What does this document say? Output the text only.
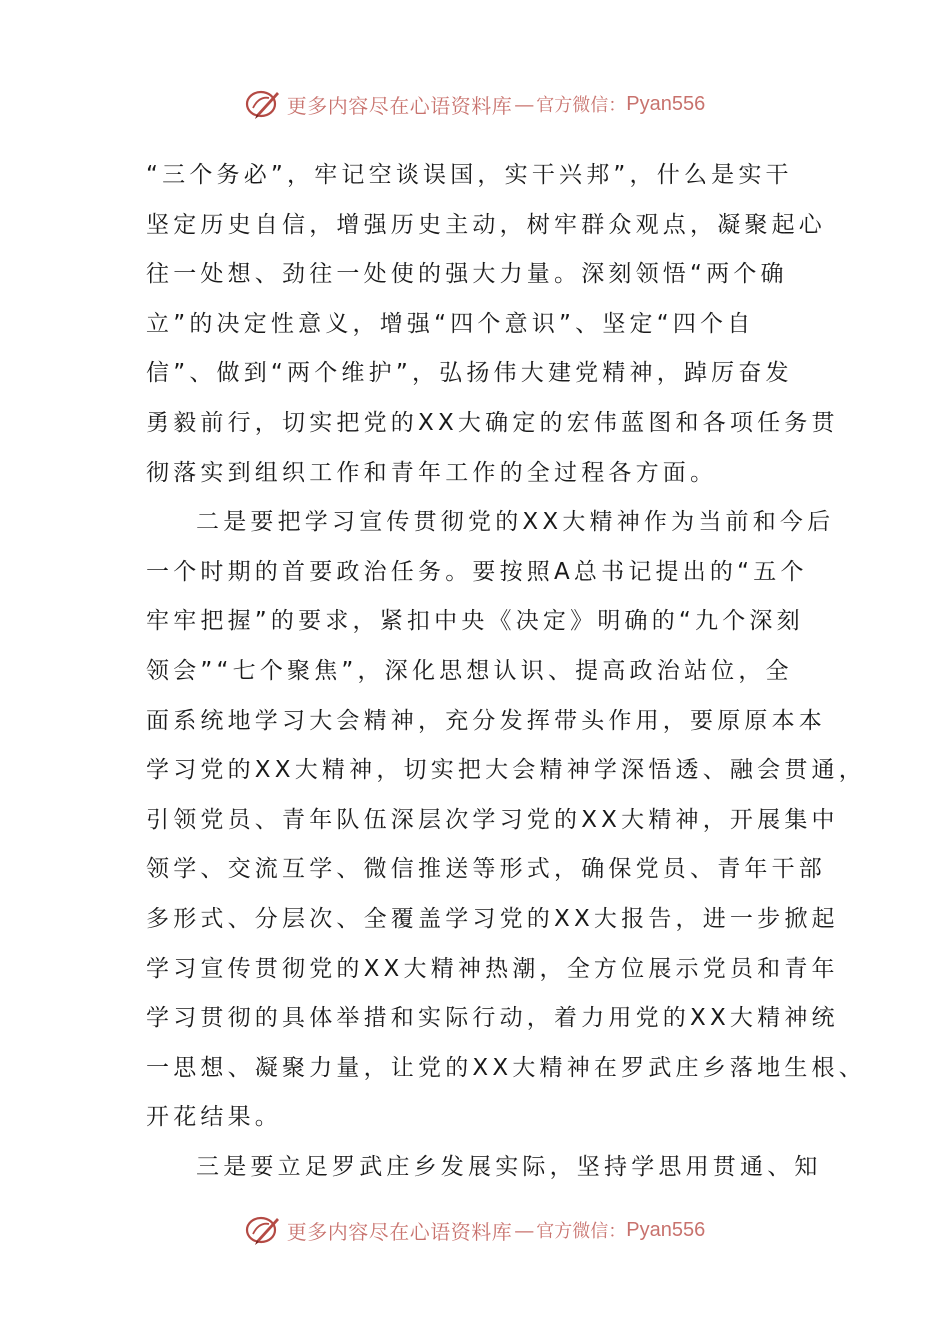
更多内容尽在心语资料库 — 官方微信： Pyan556
“三个务必”，牢记空谈误国，实干兴邦”，什么是实干
坚定历史自信，增强历史主动，树牢群众观点，凝聚起心
往一处想、劲往一处使的强大力量。深刻领悟“两个确
立”的决定性意义，增强“四个意识”、坚定“四个自
信”、做到“两个维护”，弘扬伟大建党精神，踔厉奋发
勇毅前行，切实把党的XX大确定的宏伟蓝图和各项任务贯
彻落实到组织工作和青年工作的全过程各方面。
二是要把学习宣传贯彻党的XX大精神作为当前和今后
一个时期的首要政治任务。要按照A总书记提出的“五个
牢牢把握”的要求，紧扣中央《决定》明确的“九个深刻
领会”“七个聚焦”，深化思想认识、提高政治站位，全
面系统地学习大会精神，充分发挥带头作用，要原原本本
学习党的XX大精神，切实把大会精神学深悟透、融会贯通，
引领党员、青年队伍深层次学习党的XX大精神，开展集中
领学、交流互学、微信推送等形式，确保党员、青年干部
多形式、分层次、全覆盖学习党的XX大报告，进一步掀起
学习宣传贯彻党的XX大精神热潮，全方位展示党员和青年
学习贯彻的具体举措和实际行动，着力用党的XX大精神统
一思想、凝聚力量，让党的XX大精神在罗武庄乡落地生根、
开花结果。
三是要立足罗武庄乡发展实际，坚持学思用贯通、知
更多内容尽在心语资料库 — 官方微信： Pyan556
